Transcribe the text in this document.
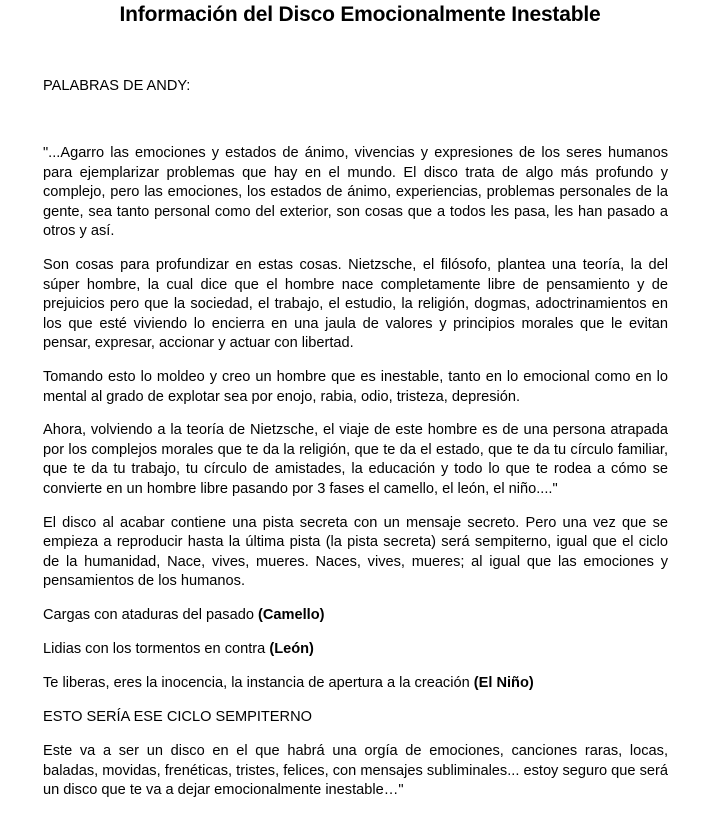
Información del Disco Emocionalmente Inestable

PALABRAS DE ANDY:

"...Agarro las emociones y estados de ánimo, vivencias y expresiones de los seres humanos para ejemplarizar problemas que hay en el mundo. El disco trata de algo más profundo y complejo, pero las emociones, los estados de ánimo, experiencias, problemas personales de la gente, sea tanto personal como del exterior, son cosas que a todos les pasa, les han pasado a otros y así.

Son cosas para profundizar en estas cosas. Nietzsche, el filósofo, plantea una teoría, la del súper hombre, la cual dice que el hombre nace completamente libre de pensamiento y de prejuicios pero que la sociedad, el trabajo, el estudio, la religión, dogmas, adoctrinamientos en los que esté viviendo lo encierra en una jaula de valores y principios morales que le evitan pensar, expresar, accionar y actuar con libertad.

Tomando esto lo moldeo y creo un hombre que es inestable, tanto en lo emocional como en lo mental al grado de explotar sea por enojo, rabia, odio, tristeza, depresión.

Ahora, volviendo a la teoría de Nietzsche, el viaje de este hombre es de una persona atrapada por los complejos morales que te da la religión, que te da el estado, que te da tu círculo familiar, que te da tu trabajo, tu círculo de amistades, la educación y todo lo que te rodea a cómo se convierte en un hombre libre pasando por 3 fases el camello, el león, el niño...."

El disco al acabar contiene una pista secreta con un mensaje secreto. Pero una vez que se empieza a reproducir hasta la última pista (la pista secreta) será sempiterno, igual que el ciclo de la humanidad, Nace, vives, mueres. Naces, vives, mueres; al igual que las emociones y pensamientos de los humanos.

Cargas con ataduras del pasado (Camello)

Lidias con los tormentos en contra (León)

Te liberas, eres la inocencia, la instancia de apertura a la creación (El Niño)

ESTO SERÍA ESE CICLO SEMPITERNO

Este va a ser un disco en el que habrá una orgía de emociones, canciones raras, locas, baladas, movidas, frenéticas, tristes, felices, con mensajes subliminales... estoy seguro que será un disco que te va a dejar emocionalmente inestable…"
